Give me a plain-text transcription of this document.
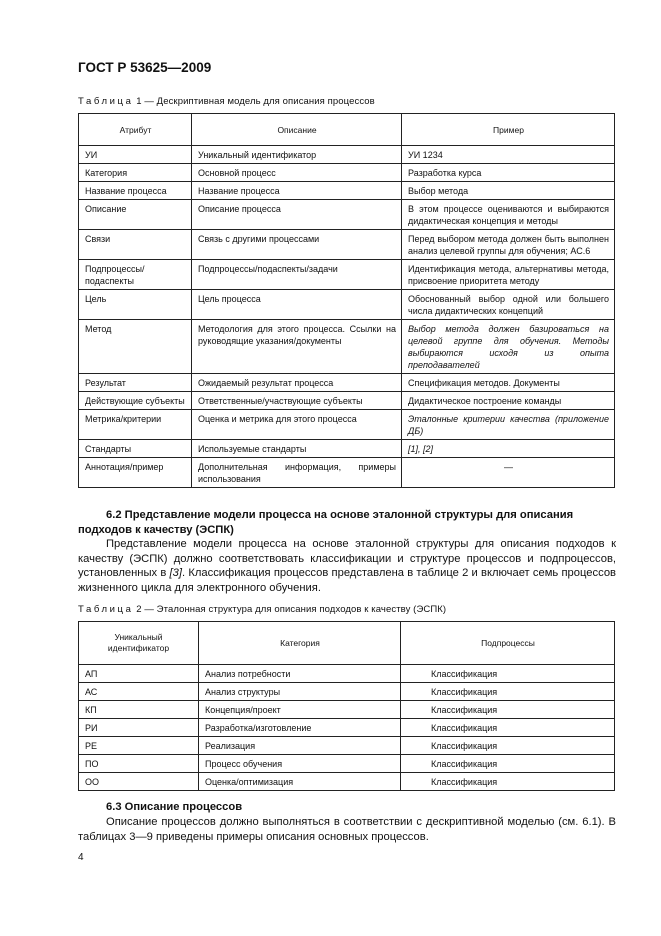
ГОСТ Р 53625—2009
Таблица 1 — Дескриптивная модель для описания процессов
Атрибут	Описание	Пример
УИ	Уникальный идентификатор	УИ 1234
Категория	Основной процесс	Разработка курса
Название процесса	Название процесса	Выбор метода
Описание	Описание процесса	В этом процессе оцениваются и выбираются дидактическая концепция и методы
Связи	Связь с другими процессами	Перед выбором метода должен быть выполнен анализ целевой группы для обучения; АС.6
Подпроцессы/подаспекты	Подпроцессы/подаспекты/задачи	Идентификация метода, альтернативы метода, присвоение приоритета методу
Цель	Цель процесса	Обоснованный выбор одной или большего числа дидактических концепций
Метод	Методология для этого процесса. Ссылки на руководящие указания/документы	Выбор метода должен базироваться на целевой группе для обучения. Методы выбираются исходя из опыта преподавателей
Результат	Ожидаемый результат процесса	Спецификация методов. Документы
Действующие субъекты	Ответственные/участвующие субъекты	Дидактическое построение команды
Метрика/критерии	Оценка и метрика для этого процесса	Эталонные критерии качества (приложение ДБ)
Стандарты	Используемые стандарты	[1], [2]
Аннотация/пример	Дополнительная информация, примеры использования	—
6.2 Представление модели процесса на основе эталонной структуры для описания подходов к качеству (ЭСПК)
Представление модели процесса на основе эталонной структуры для описания подходов к качеству (ЭСПК) должно соответствовать классификации и структуре процессов и подпроцессов, установленных в [3]. Классификация процессов представлена в таблице 2 и включает семь процессов жизненного цикла для электронного обучения.
Таблица 2 — Эталонная структура для описания подходов к качеству (ЭСПК)
Уникальный идентификатор	Категория	Подпроцессы
АП	Анализ потребности	Классификация
АС	Анализ структуры	Классификация
КП	Концепция/проект	Классификация
РИ	Разработка/изготовление	Классификация
РЕ	Реализация	Классификация
ПО	Процесс обучения	Классификация
ОО	Оценка/оптимизация	Классификация
6.3 Описание процессов
Описание процессов должно выполняться в соответствии с дескриптивной моделью (см. 6.1). В таблицах 3—9 приведены примеры описания основных процессов.
4
